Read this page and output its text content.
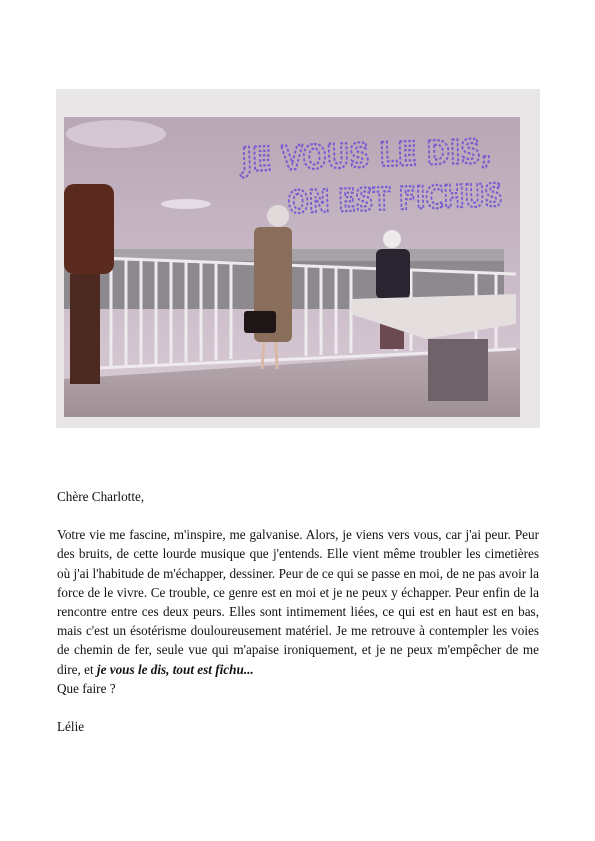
JE VOUS LE DIS,
ON EST FICHUS

Chère Charlotte,

Votre vie me fascine, m'inspire, me galvanise. Alors, je viens vers vous, car j'ai peur. Peur des bruits, de cette lourde musique que j'entends. Elle vient même troubler les cimetières où j'ai l'habitude de m'échapper, dessiner. Peur de ce qui se passe en moi, de ne pas avoir la force de le vivre. Ce trouble, ce genre est en moi et je ne peux y échapper. Peur enfin de la rencontre entre ces deux peurs. Elles sont intimement liées, ce qui est en haut est en bas, mais c'est un ésotérisme douloureusement matériel. Je me retrouve à contempler les voies de chemin de fer, seule vue qui m'apaise ironiquement, et je ne peux m'empêcher de me dire, et je vous le dis, tout est fichu...

Que faire ?

Lélie
